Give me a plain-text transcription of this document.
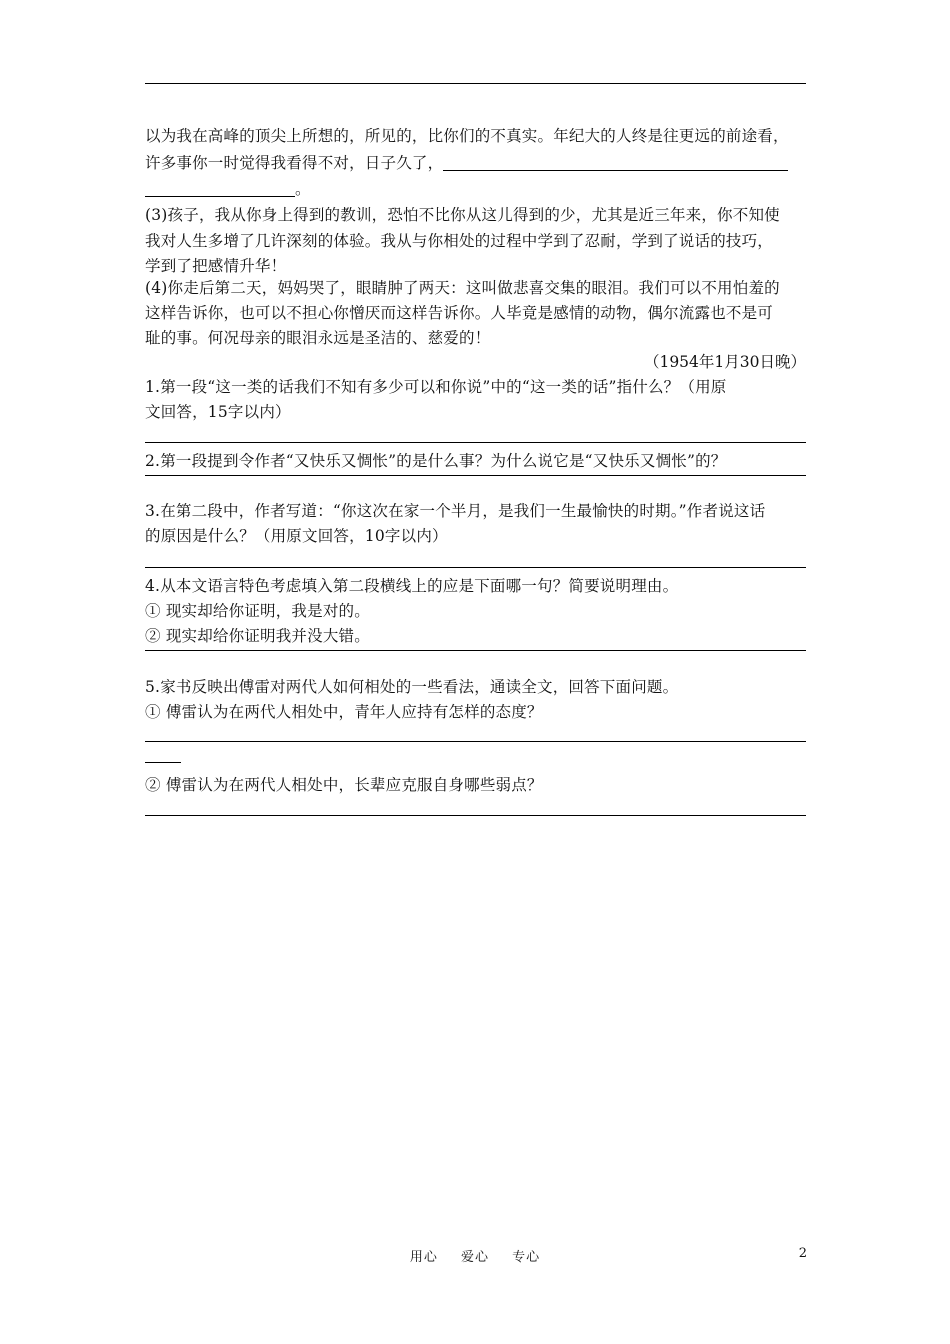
以为我在高峰的顶尖上所想的，所见的，比你们的不真实。年纪大的人终是往更远的前途看，
许多事你一时觉得我看得不对，日子久了，
。
(3)孩子，我从你身上得到的教训，恐怕不比你从这儿得到的少，尤其是近三年来，你不知使
我对人生多增了几许深刻的体验。我从与你相处的过程中学到了忍耐，学到了说话的技巧，
学到了把感情升华！
(4)你走后第二天，妈妈哭了，眼睛肿了两天：这叫做悲喜交集的眼泪。我们可以不用怕羞的
这样告诉你，也可以不担心你憎厌而这样告诉你。人毕竟是感情的动物，偶尔流露也不是可
耻的事。何况母亲的眼泪永远是圣洁的、慈爱的！
（1954年1月30日晚）
1.第一段“这一类的话我们不知有多少可以和你说”中的“这一类的话”指什么？（用原
文回答，15字以内）
2.第一段提到令作者“又快乐又惆怅”的是什么事？为什么说它是“又快乐又惆怅”的？
3.在第二段中，作者写道：“你这次在家一个半月，是我们一生最愉快的时期。”作者说这话
的原因是什么？（用原文回答，10字以内）
4.从本文语言特色考虑填入第二段横线上的应是下面哪一句？简要说明理由。
① 现实却给你证明，我是对的。
② 现实却给你证明我并没大错。
5.家书反映出傅雷对两代人如何相处的一些看法，通读全文，回答下面问题。
① 傅雷认为在两代人相处中，青年人应持有怎样的态度？
② 傅雷认为在两代人相处中，长辈应克服自身哪些弱点？
用心 爱心 专心	2
